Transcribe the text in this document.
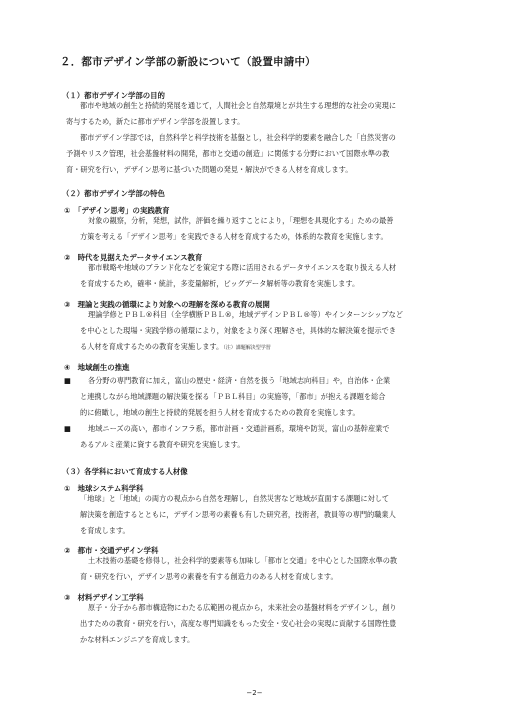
２．都市デザイン学部の新設について（設置申請中）
（１）都市デザイン学部の目的
都市や地域の創生と持続的発展を通じて，人間社会と自然環境とが共生する理想的な社会の実現に
寄与するため，新たに都市デザイン学部を設置します。
都市デザイン学部では，自然科学と科学技術を基盤とし，社会科学的要素を融合した「自然災害の
予測やリスク管理，社会基盤材料の開発，都市と交通の創造」に関係する分野において国際水準の教
育・研究を行い，デザイン思考に基づいた問題の発見・解決ができる人材を育成します。
（２）都市デザイン学部の特色
①　「デザイン思考」の実践教育
対象の観察，分析，発想，試作，評価を繰り返すことにより，「理想を具現化する」ための最善
方策を考える「デザイン思考」を実践できる人材を育成するため，体系的な教育を実施します。
②　時代を見据えたデータサイエンス教育
都市戦略や地域のブランド化などを策定する際に活用されるデータサイエンスを取り扱える人材
を育成するため，確率・統計，多変量解析，ビッグデータ解析等の教育を実施します。
③　理論と実践の循環により対象への理解を深める教育の展開
理論学修とＰＢＬ®科目（全学横断ＰＢＬ®，地域デザインＰＢＬ®等）やインターンシップなど
を中心とした現場・実践学修の循環により，対象をより深く理解させ，具体的な解決策を提示でき
る人材を育成するための教育を実施します。（注）課題解決型学習
④　地域創生の推進
■ 各分野の専門教育に加え，富山の歴史・経済・自然を扱う「地域志向科目」や，自治体・企業
と連携しながら地域課題の解決策を探る「ＰＢＬ科目」の実施等，「都市」が抱える課題を総合
的に俯瞰し，地域の創生と持続的発展を担う人材を育成するための教育を実施します。
■ 地域ニーズの高い，都市インフラ系，都市計画・交通計画系，環境や防災，富山の基幹産業で
あるアルミ産業に資する教育や研究を実施します。
（３）各学科において育成する人材像
①　地球システム科学科
「地球」と「地域」の両方の視点から自然を理解し，自然災害など地域が直面する課題に対して
解決策を創造するとともに，デザイン思考の素養も有した研究者，技術者，教員等の専門的職業人
を育成します。
②　都市・交通デザイン学科
土木技術の基礎を修得し，社会科学的要素等も加味し「都市と交通」を中心とした国際水準の教
育・研究を行い，デザイン思考の素養を有する創造力のある人材を育成します。
③　材料デザイン工学科
原子・分子から都市構造物にわたる広範囲の視点から，未来社会の基盤材料をデザインし，創り
出すための教育・研究を行い，高度な専門知識をもった安全・安心社会の実現に貢献する国際性豊
かな材料エンジニアを育成します。
−2−
